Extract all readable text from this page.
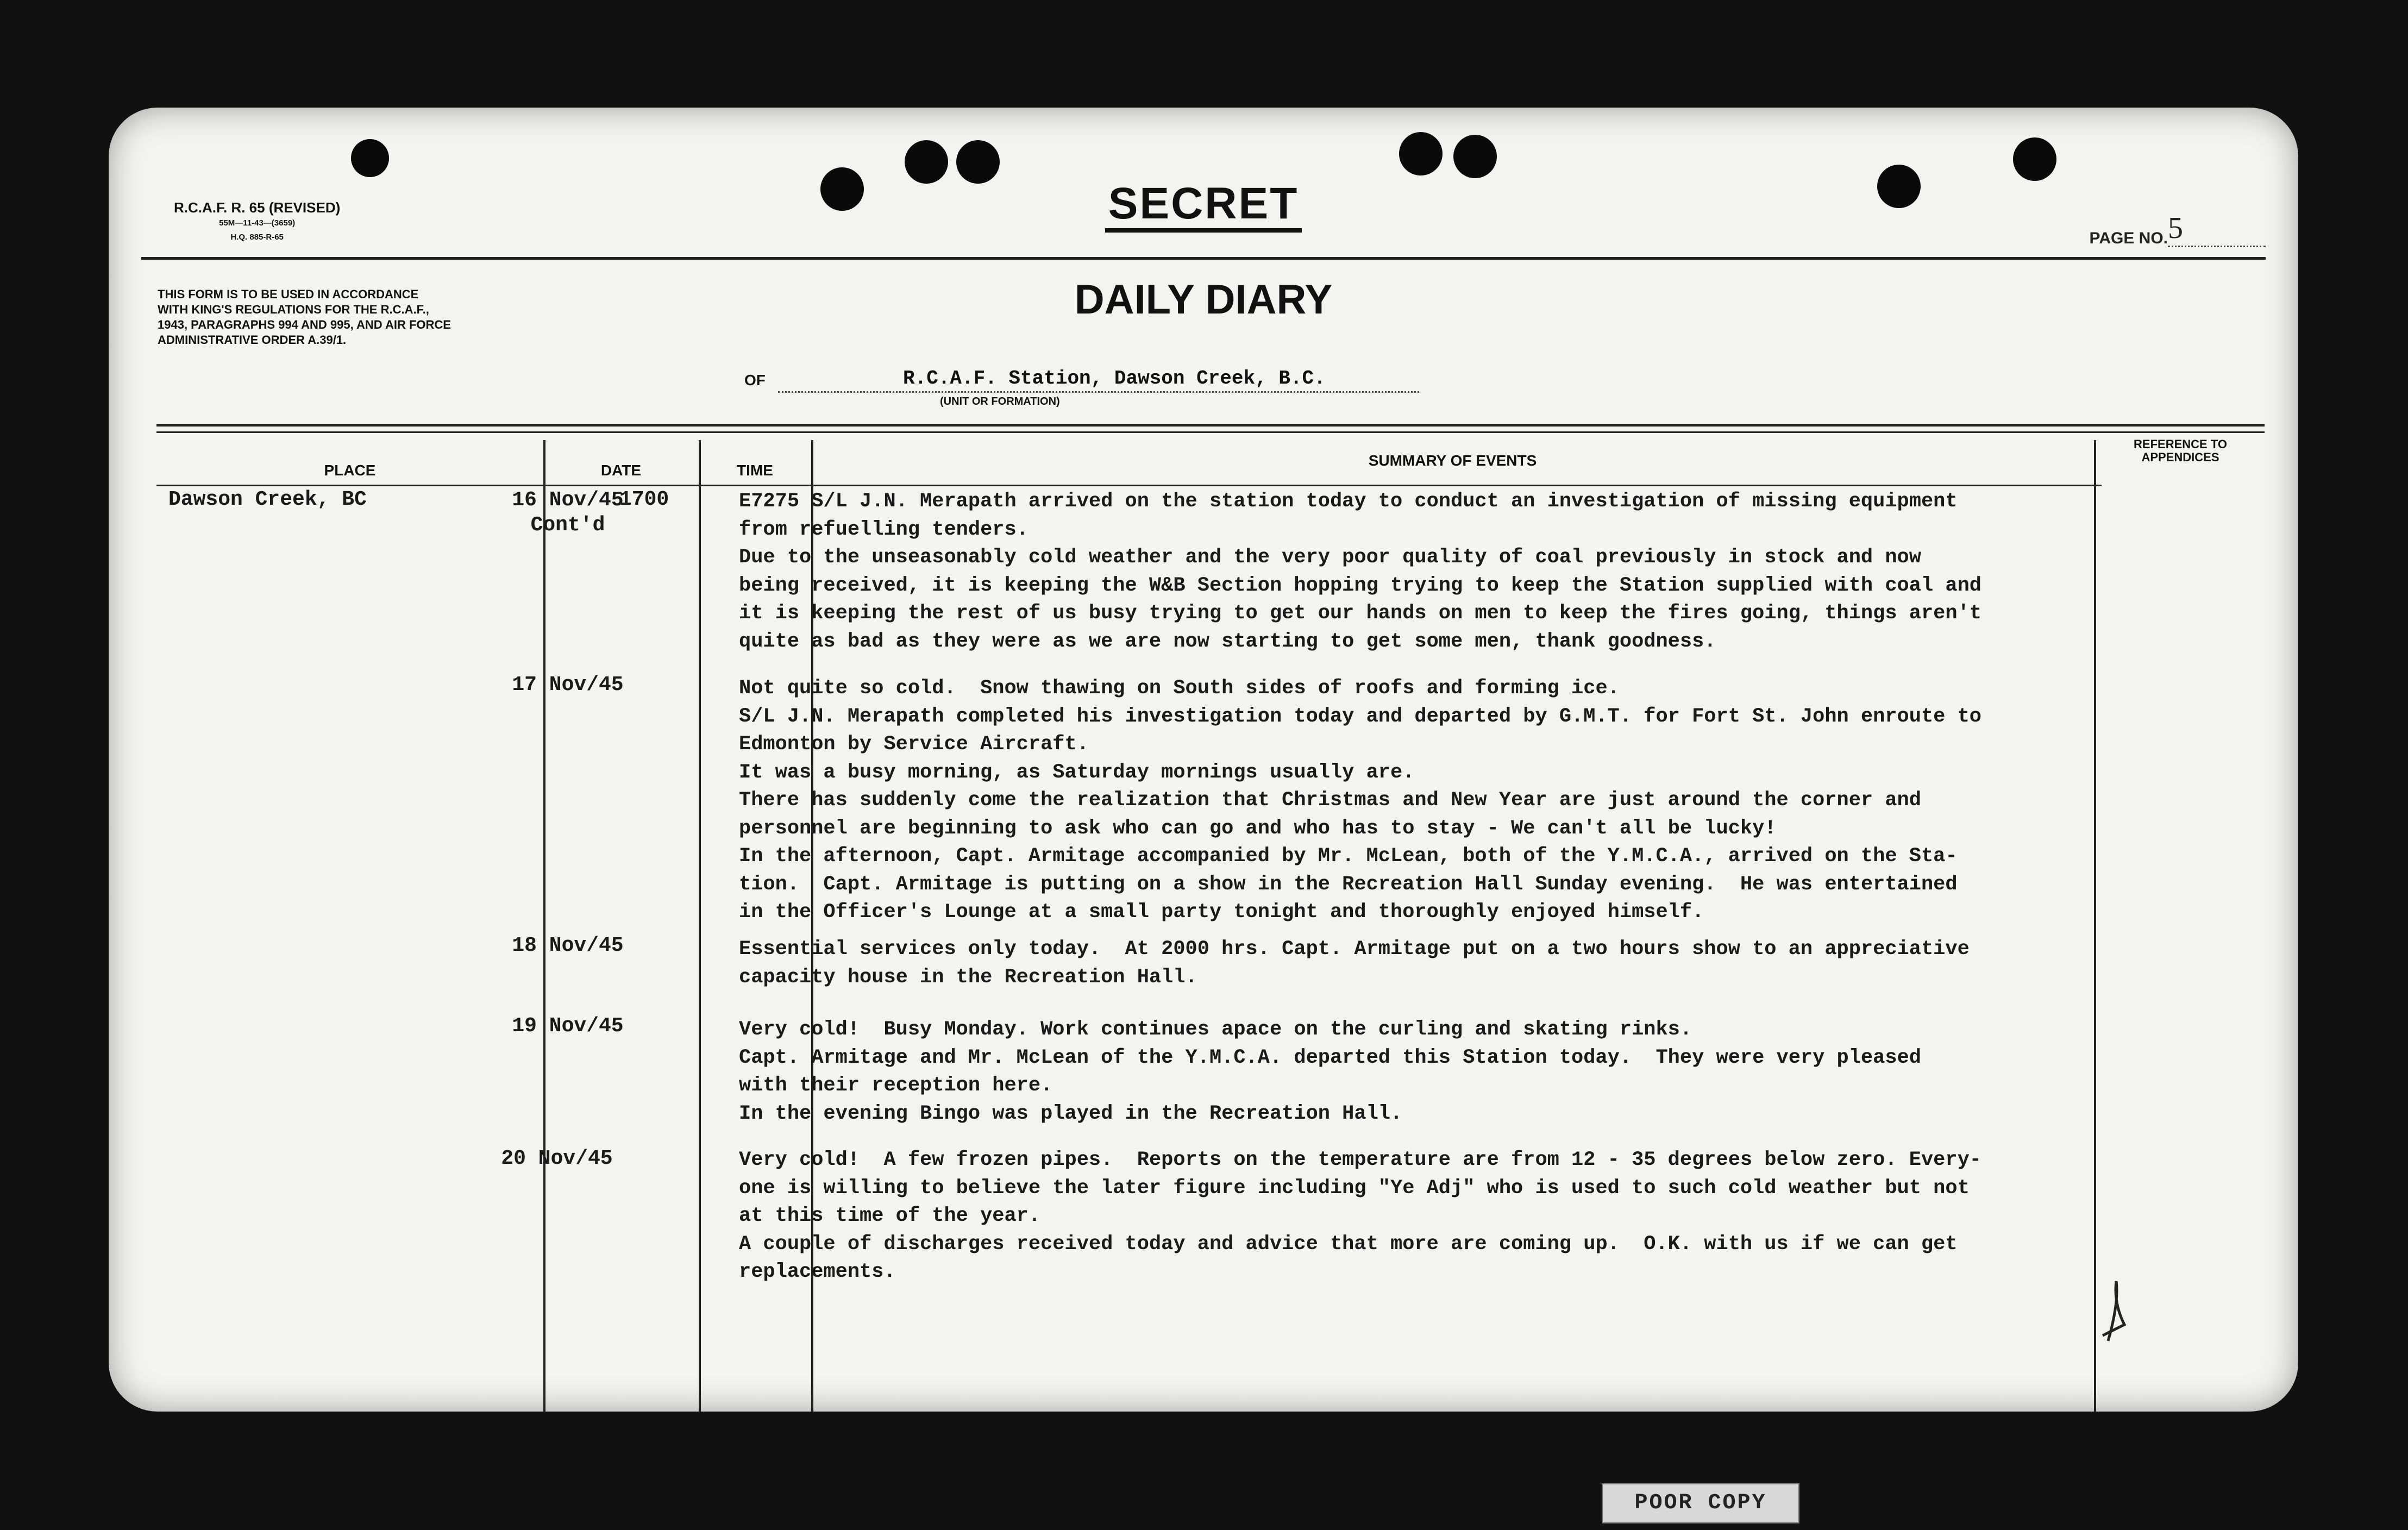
R.C.A.F. R. 65 (REVISED)
55M—11-43—(3659)
H.Q. 885-R-65
SECRET
PAGE NO.5
THIS FORM IS TO BE USED IN ACCORDANCE
WITH KING'S REGULATIONS FOR THE R.C.A.F.,
1943, PARAGRAPHS 994 AND 995, AND AIR FORCE
ADMINISTRATIVE ORDER A.39/1.
DAILY DIARY
OF	R.C.A.F. Station, Dawson Creek, B.C.
(UNIT OR FORMATION)
PLACE	DATE	TIME
SUMMARY OF EVENTS
REFERENCE TO
APPENDICES
Dawson Creek, BC	16 Nov/45
Cont'd
1700	E7275 S/L J.N. Merapath arrived on the station today to conduct an investigation of missing equipment
from refuelling tenders.
Due to the unseasonably cold weather and the very poor quality of coal previously in stock and now
being received, it is keeping the W&B Section hopping trying to keep the Station supplied with coal and
it is keeping the rest of us busy trying to get our hands on men to keep the fires going, things aren't
quite as bad as they were as we are now starting to get some men, thank goodness.
17 Nov/45	Not quite so cold.  Snow thawing on South sides of roofs and forming ice.
S/L J.N. Merapath completed his investigation today and departed by G.M.T. for Fort St. John enroute to
Edmonton by Service Aircraft.
It was a busy morning, as Saturday mornings usually are.
There has suddenly come the realization that Christmas and New Year are just around the corner and
personnel are beginning to ask who can go and who has to stay - We can't all be lucky!
In the afternoon, Capt. Armitage accompanied by Mr. McLean, both of the Y.M.C.A., arrived on the Sta-
tion.  Capt. Armitage is putting on a show in the Recreation Hall Sunday evening.  He was entertained
in the Officer's Lounge at a small party tonight and thoroughly enjoyed himself.
18 Nov/45	Essential services only today.  At 2000 hrs. Capt. Armitage put on a two hours show to an appreciative
capacity house in the Recreation Hall.
19 Nov/45	Very cold!  Busy Monday. Work continues apace on the curling and skating rinks.
Capt. Armitage and Mr. McLean of the Y.M.C.A. departed this Station today.  They were very pleased
with their reception here.
In the evening Bingo was played in the Recreation Hall.
20 Nov/45	Very cold!  A few frozen pipes.  Reports on the temperature are from 12 - 35 degrees below zero. Every-
one is willing to believe the later figure including "Ye Adj" who is used to such cold weather but not
at this time of the year.
A couple of discharges received today and advice that more are coming up.  O.K. with us if we can get
replacements.
POOR COPY
